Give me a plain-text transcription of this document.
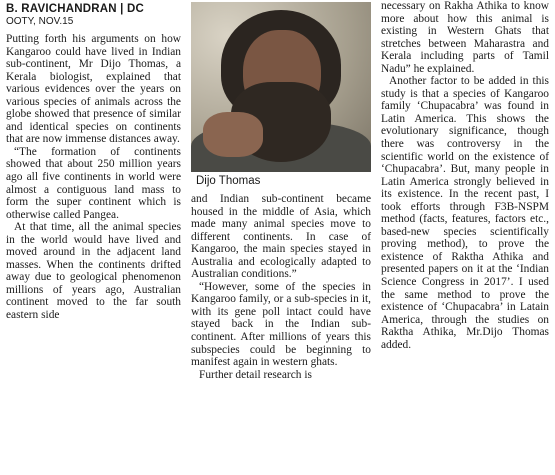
B. RAVICHANDRAN | DC
OOTY, NOV.15

Putting forth his arguments on how Kangaroo could have lived in Indian sub-continent, Mr Dijo Thomas, a Kerala biologist, explained that various evidences over the years on various species of animals across the globe showed that presence of similar and identical species on continents that are now immense distances away.

“The formation of continents showed that about 250 million years ago all five continents in world were almost a contiguous land mass to form the super continent which is otherwise called Pangea.

At that time, all the animal species in the world would have lived and moved around in the adjacent land masses. When the continents drifted away due to geological phenomenon millions of years ago, Australian continent moved to the far south eastern side

Dijo Thomas

and Indian sub-continent became housed in the middle of Asia, which made many animal species move to different continents. In case of Kangaroo, the main species stayed in Australia and ecologically adapted to Australian conditions.”

“However, some of the species in Kangaroo family, or a sub-species in it, with its gene poll intact could have stayed back in the Indian sub-continent. After millions of years this subspecies could be beginning to manifest again in western ghats.

Further detail research is

necessary on Rakha Athika to know more about how this animal is existing in Western Ghats that stretches between Maharastra and Kerala including parts of Tamil Nadu” he explained.

Another factor to be added in this study is that a species of Kangaroo family ‘Chupacabra’ was found in Latin America. This shows the evolutionary significance, though there was controversy in the scientific world on the existence of ‘Chupacabra’. But, many people in Latin America strongly believed in its existence. In the recent past, I took efforts through F3B-NSPM method (facts, features, factors etc., based-new species scientifically proving method), to prove the existence of Raktha Athika and presented papers on it at the ‘Indian Science Congress in 2017’. I used the same method to prove the existence of ‘Chupacabra’ in Latain America, through the studies on Raktha Athika, Mr.Dijo Thomas added.
